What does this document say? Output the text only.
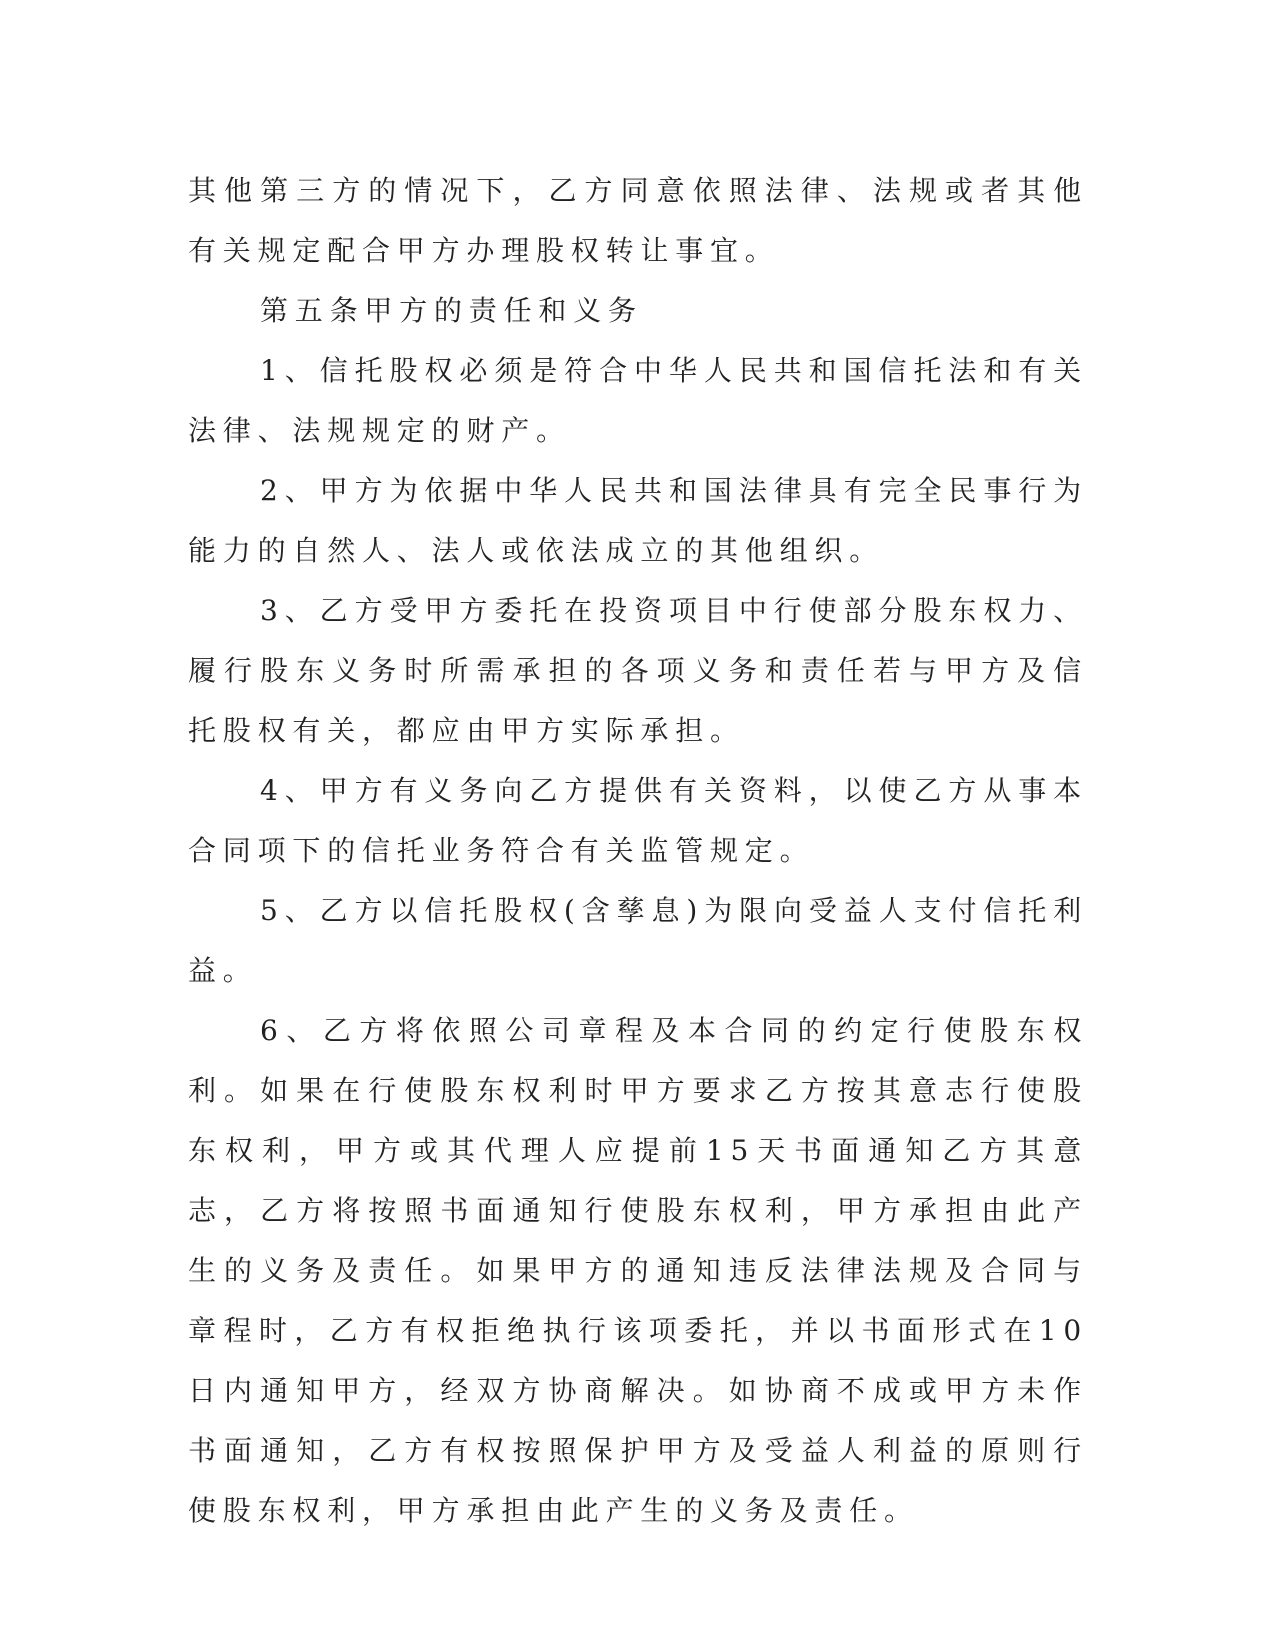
其他第三方的情况下，乙方同意依照法律、法规或者其他有关规定配合甲方办理股权转让事宜。

第五条甲方的责任和义务

1、信托股权必须是符合中华人民共和国信托法和有关法律、法规规定的财产。

2、甲方为依据中华人民共和国法律具有完全民事行为能力的自然人、法人或依法成立的其他组织。

3、乙方受甲方委托在投资项目中行使部分股东权力、履行股东义务时所需承担的各项义务和责任若与甲方及信托股权有关，都应由甲方实际承担。

4、甲方有义务向乙方提供有关资料，以使乙方从事本合同项下的信托业务符合有关监管规定。

5、乙方以信托股权(含孳息)为限向受益人支付信托利益。

6、乙方将依照公司章程及本合同的约定行使股东权利。如果在行使股东权利时甲方要求乙方按其意志行使股东权利，甲方或其代理人应提前15天书面通知乙方其意志，乙方将按照书面通知行使股东权利，甲方承担由此产生的义务及责任。如果甲方的通知违反法律法规及合同与章程时，乙方有权拒绝执行该项委托，并以书面形式在10日内通知甲方，经双方协商解决。如协商不成或甲方未作书面通知，乙方有权按照保护甲方及受益人利益的原则行使股东权利，甲方承担由此产生的义务及责任。
